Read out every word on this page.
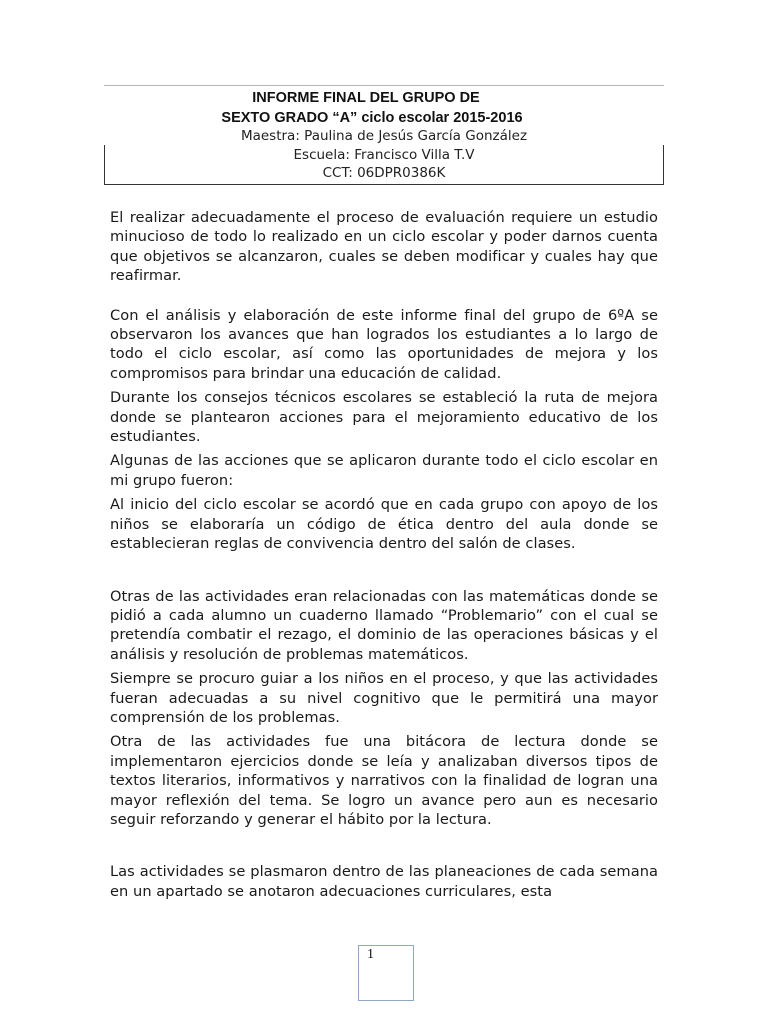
INFORME FINAL DEL GRUPO DE
SEXTO GRADO “A” ciclo escolar 2015-2016
Maestra: Paulina de Jesús García González
Escuela: Francisco Villa T.V
CCT: 06DPR0386K

El realizar adecuadamente el proceso de evaluación requiere un estudio minucioso de todo lo realizado en un ciclo escolar y poder darnos cuenta que objetivos se alcanzaron, cuales se deben modificar y cuales hay que reafirmar.

Con el análisis y elaboración de este informe final del grupo de 6ºA se observaron los avances que han logrados los estudiantes a lo largo de todo el ciclo escolar, así como las oportunidades de mejora y los compromisos para brindar una educación de calidad.

Durante los consejos técnicos escolares se estableció la ruta de mejora donde se plantearon acciones para el mejoramiento educativo de los estudiantes.

Algunas de las acciones que se aplicaron durante todo el ciclo escolar en mi grupo fueron:

Al inicio del ciclo escolar se acordó que en cada grupo con apoyo de los niños se elaboraría un código de ética dentro del aula donde se establecieran reglas de convivencia dentro del salón de clases.

Otras de las actividades eran relacionadas con las matemáticas donde se pidió a cada alumno un cuaderno llamado “Problemario” con el cual se pretendía combatir el rezago, el dominio de las operaciones básicas y el análisis y resolución de problemas matemáticos.

Siempre se procuro guiar a los niños en el proceso, y que las actividades fueran adecuadas a su nivel cognitivo que le permitirá una mayor comprensión de los problemas.

Otra de las actividades fue una bitácora de lectura donde se implementaron ejercicios donde se leía y analizaban diversos tipos de textos literarios, informativos y narrativos con la finalidad de logran una mayor reflexión del tema. Se logro un avance pero aun es necesario seguir reforzando y generar el hábito por la lectura.

Las actividades se plasmaron dentro de las planeaciones de cada semana en un apartado se anotaron adecuaciones curriculares, esta

1
